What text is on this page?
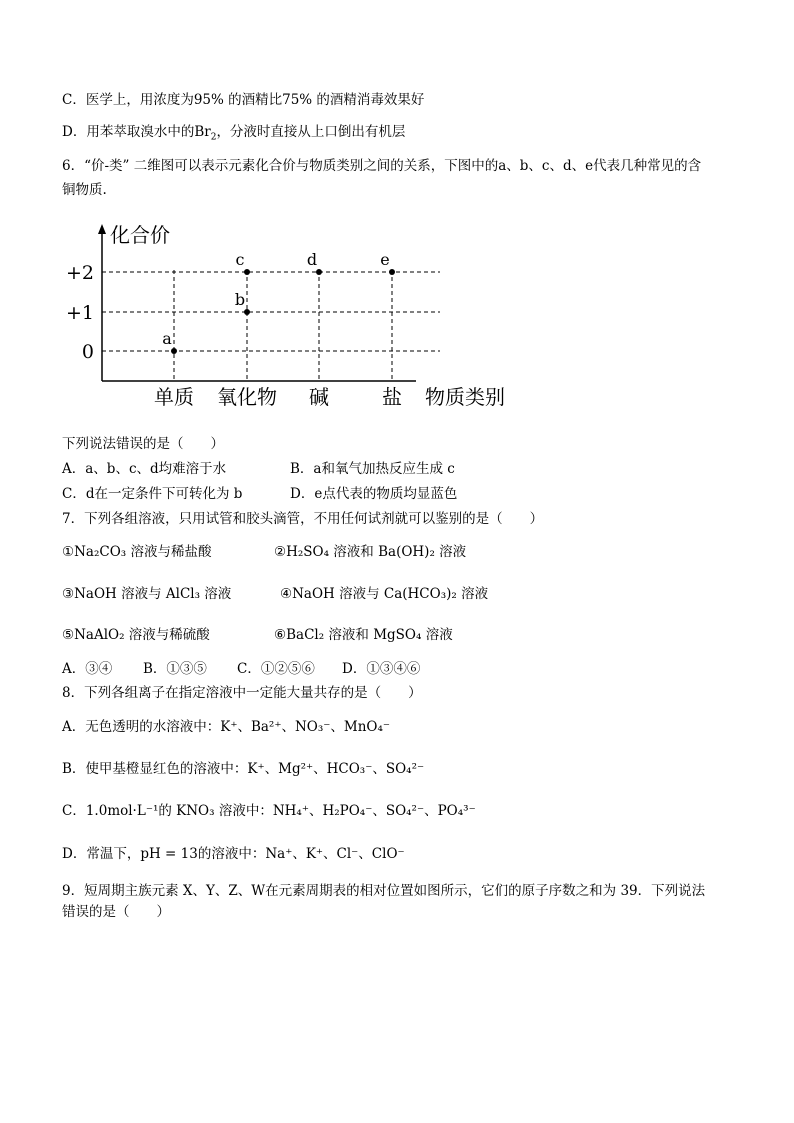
C．医学上，用浓度为95% 的酒精比75% 的酒精消毒效果好
D．用苯萃取溴水中的$Br_2$，分液时直接从上口倒出有机层
6．“价-类” 二维图可以表示元素化合价与物质类别之间的关系，下图中的a、b、c、d、e代表几种常见的含
铜物质.
a
b
c	d	e
化合价
物质类别
+2
+1
0
单质 氧化物 碱	盐
下列说法错误的是（　　）
A．a、b、c、d均难溶于水	B．a和氧气加热反应生成 c
C．d在一定条件下可转化为 b	D．e点代表的物质均显蓝色
7．下列各组溶液，只用试管和胶头滴管，不用任何试剂就可以鉴别的是（　　）
①Na₂CO₃ 溶液与稀盐酸	②H₂SO₄ 溶液和 Ba(OH)₂ 溶液
③NaOH 溶液与 AlCl₃ 溶液	④NaOH 溶液与 Ca(HCO₃)₂ 溶液
⑤NaAlO₂ 溶液与稀硫酸	⑥BaCl₂ 溶液和 MgSO₄ 溶液
A．③④ B．①③⑤ C．①②⑤⑥ D．①③④⑥
8．下列各组离子在指定溶液中一定能大量共存的是（　　）
A．无色透明的水溶液中：K⁺、Ba²⁺、NO₃⁻、MnO₄⁻
B．使甲基橙显红色的溶液中：K⁺、Mg²⁺、HCO₃⁻、SO₄²⁻
C．1.0mol·L⁻¹的 KNO₃ 溶液中：NH₄⁺、H₂PO₄⁻、SO₄²⁻、PO₄³⁻
D．常温下，pH = 13的溶液中：Na⁺、K⁺、Cl⁻、ClO⁻
9．短周期主族元素 X、Y、Z、W在元素周期表的相对位置如图所示，它们的原子序数之和为 39．下列说法
错误的是（　　）
